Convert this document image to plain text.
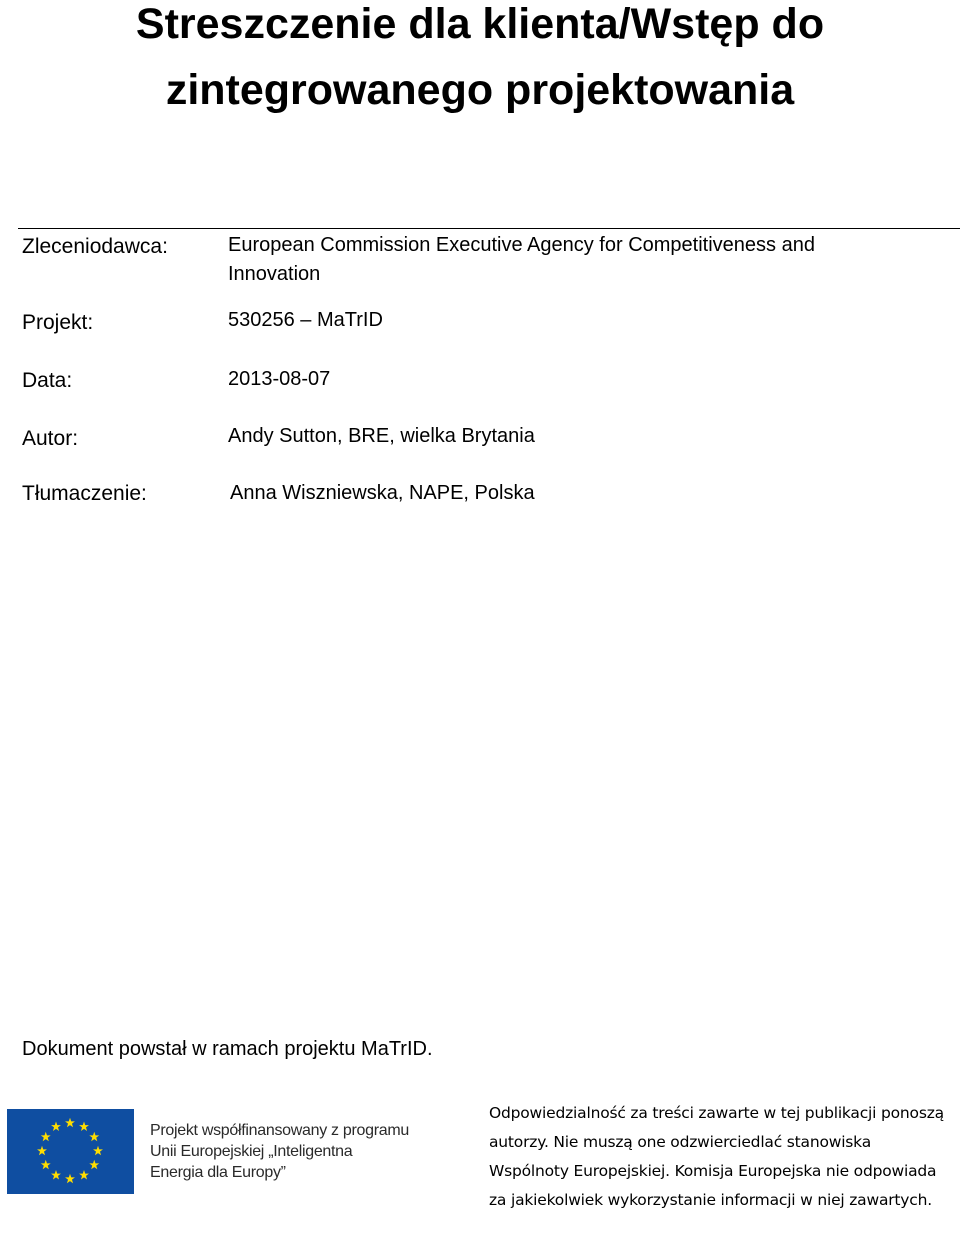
Streszczenie dla klienta/Wstęp do
zintegrowanego projektowania
Zleceniodawca:	European Commission Executive Agency for Competitiveness and
Innovation
Projekt:	530256 – MaTrID
Data:	2013-08-07
Autor:	Andy Sutton, BRE, wielka Brytania
Tłumaczenie:	Anna Wiszniewska, NAPE, Polska
Dokument powstał w ramach projektu MaTrID.
Projekt współfinansowany z programu
Unii Europejskiej „Inteligentna
Energia dla Europy”
Odpowiedzialność za treści zawarte w tej publikacji ponoszą autorzy. Nie muszą one odzwierciedlać stanowiska Wspólnoty Europejskiej. Komisja Europejska nie odpowiada za jakiekolwiek wykorzystanie informacji w niej zawartych.
